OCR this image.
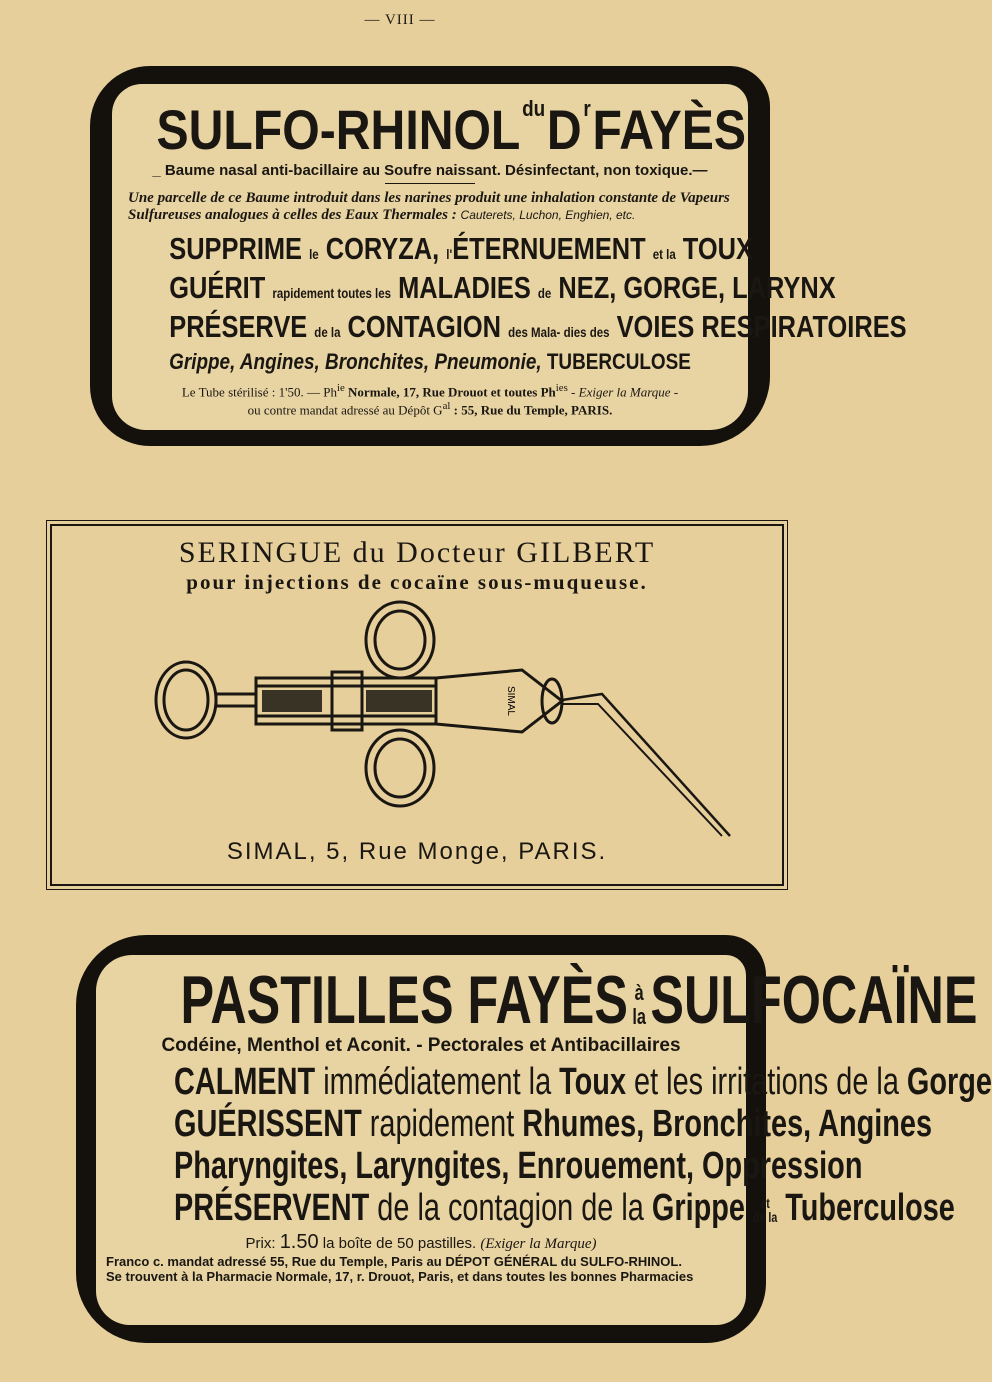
— VIII —
SULFO-RHINOLduDrFAYÈS
_ Baume nasal anti-bacillaire au Soufre naissant. Désinfectant, non toxique.—
Une parcelle de ce Baume introduit dans les narines produit une inhalation constante de Vapeurs Sulfureuses analogues à celles des Eaux Thermales : Cauterets, Luchon, Enghien, etc.
SUPPRIME le CORYZA, l'ÉTERNUEMENT et la TOUX
GUÉRIT rapidement toutes les MALADIES de NEZ, GORGE, LARYNX
PRÉSERVE de la CONTAGION des Mala- dies des VOIES RESPIRATOIRES
Grippe, Angines, Bronchites, Pneumonie, TUBERCULOSE
Le Tube stérilisé : 1'50. — $Ph^{ie}$ Normale, 17, Rue Drouot et toutes $Ph^{ies}$ - Exiger la Marque -
ou contre mandat adressé au Dépôt $G^{al}$ : 55, Rue du Temple, PARIS.
SERINGUE du Docteur GILBERT
pour injections de cocaïne sous-muqueuse.
SIMAL
SIMAL, 5, Rue Monge, PARIS.
PASTILLES FAYÈS à
laSULFOCAÏNE
Codéine, Menthol et Aconit. - Pectorales et Antibacillaires
CALMENT immédiatement la Toux et les irritations de la Gorge
GUÉRISSENT rapidement Rhumes, Bronchites, Angines
Pharyngites, Laryngites, Enrouement, Oppression
PRÉSERVENT de la contagion de la Grippe et
de la Tuberculose
Prix: 1.50 la boîte de 50 pastilles. (Exiger la Marque)
Franco c. mandat adressé 55, Rue du Temple, Paris au DÉPOT GÉNÉRAL du SULFO-RHINOL.
Se trouvent à la Pharmacie Normale, 17, r. Drouot, Paris, et dans toutes les bonnes Pharmacies
